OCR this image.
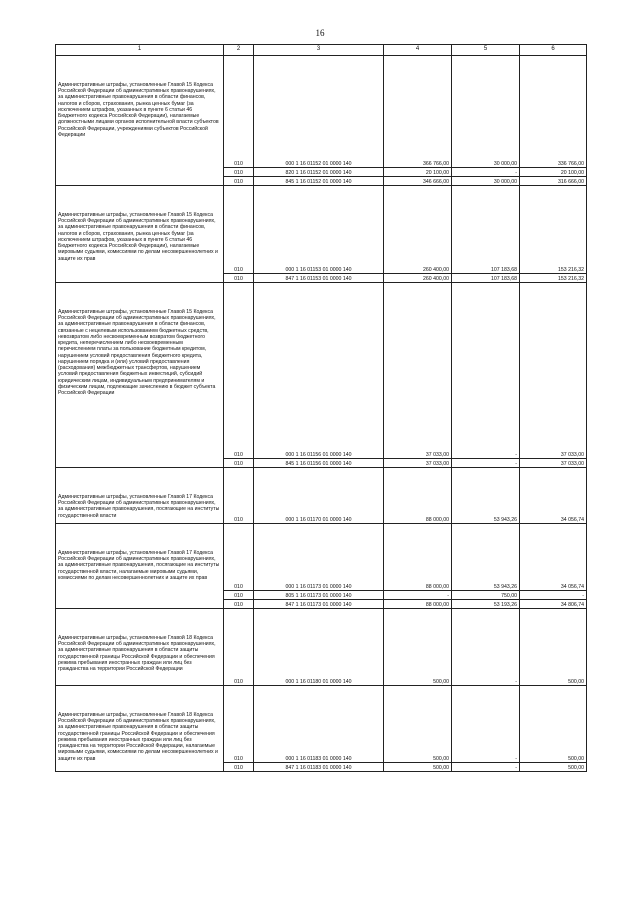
16
1	2	3	4	5	6
Административные штрафы, установленные Главой 15 Кодекса Российской Федерации об административных правонарушениях, за административные правонарушения в области финансов, налогов и сборов, страхования, рынка ценных бумаг (за исключением штрафов, указанных в пункте 6 статьи 46 Бюджетного кодекса Российской Федерации), налагаемые должностными лицами органов исполнительной власти субъектов Российской Федерации, учреждениями субъектов Российской Федерации	010	000 1 16 01152 01 0000 140	366 766,00	30 000,00	336 766,00
	010	820 1 16 01152 01 0000 140	20 100,00	-	20 100,00
	010	845 1 16 01152 01 0000 140	346 666,00	30 000,00	316 666,00
Административные штрафы, установленные Главой 15 Кодекса Российской Федерации об административных правонарушениях, за административные правонарушения в области финансов, налогов и сборов, страхования, рынка ценных бумаг (за исключением штрафов, указанных в пункте 6 статьи 46 Бюджетного кодекса Российской Федерации), налагаемые мировыми судьями, комиссиями по делам несовершеннолетних и защите их прав	010	000 1 16 01153 01 0000 140	260 400,00	107 183,68	153 216,32
	010	847 1 16 01153 01 0000 140	260 400,00	107 183,68	153 216,32
Административные штрафы, установленные Главой 15 Кодекса Российской Федерации об административных правонарушениях, за административные правонарушения в области финансов, связанные с нецелевым использованием бюджетных средств, невозвратом либо несвоевременным возвратом бюджетного кредита, неперечислением либо несвоевременным перечислением платы за пользование бюджетным кредитом, нарушением условий предоставления бюджетного кредита, нарушением порядка и (или) условий предоставления (расходования) межбюджетных трансфертов, нарушением условий предоставления бюджетных инвестиций, субсидий юридическим лицам, индивидуальным предпринимателям и физическим лицам, подлежащие зачислению в бюджет субъекта Российской Федерации	010	000 1 16 01156 01 0000 140	37 033,00	-	37 033,00
	010	845 1 16 01156 01 0000 140	37 033,00	-	37 033,00
Административные штрафы, установленные Главой 17 Кодекса Российской Федерации об административных правонарушениях, за административные правонарушения, посягающие на институты государственной власти	010	000 1 16 01170 01 0000 140	88 000,00	53 943,26	34 056,74
Административные штрафы, установленные Главой 17 Кодекса Российской Федерации об административных правонарушениях, за административные правонарушения, посягающие на институты государственной власти, налагаемые мировыми судьями, комиссиями по делам несовершеннолетних и защите их прав	010	000 1 16 01173 01 0000 140	88 000,00	53 943,26	34 056,74
	010	805 1 16 01173 01 0000 140	-	750,00	-
	010	847 1 16 01173 01 0000 140	88 000,00	53 193,26	34 806,74
Административные штрафы, установленные Главой 18 Кодекса Российской Федерации об административных правонарушениях, за административные правонарушения в области защиты государственной границы Российской Федерации и обеспечения режима пребывания иностранных граждан или лиц без гражданства на территории Российской Федерации	010	000 1 16 01180 01 0000 140	500,00	-	500,00
Административные штрафы, установленные Главой 18 Кодекса Российской Федерации об административных правонарушениях, за административные правонарушения в области защиты государственной границы Российской Федерации и обеспечения режима пребывания иностранных граждан или лиц без гражданства на территории Российской Федерации, налагаемые мировыми судьями, комиссиями по делам несовершеннолетних и защите их прав	010	000 1 16 01183 01 0000 140	500,00	-	500,00
	010	847 1 16 01183 01 0000 140	500,00	-	500,00
